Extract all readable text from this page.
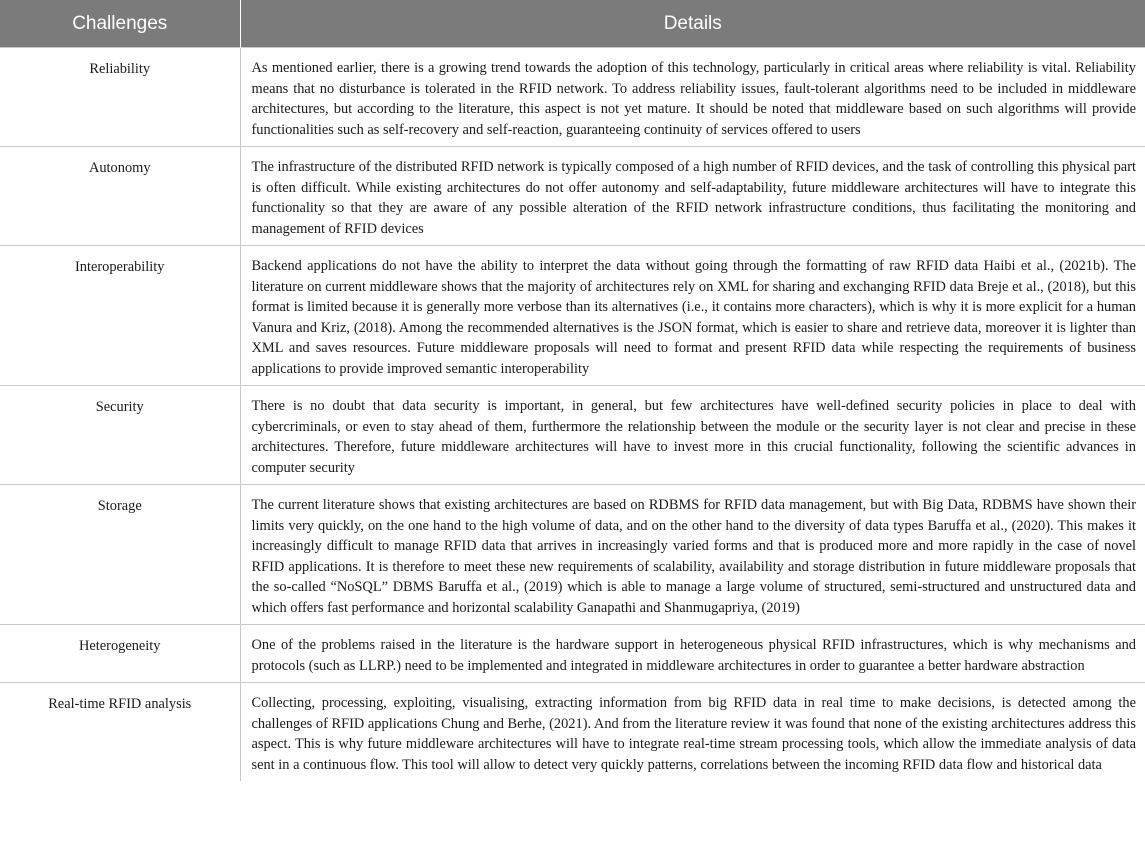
Challenges	Details
Reliability	As mentioned earlier, there is a growing trend towards the adoption of this technology, particularly in critical areas where reliability is vital. Reliability means that no disturbance is tolerated in the RFID network. To address reliability issues, fault-tolerant algorithms need to be included in middleware architectures, but according to the literature, this aspect is not yet mature. It should be noted that middleware based on such algorithms will provide functionalities such as self-recovery and self-reaction, guaranteeing continuity of services offered to users
Autonomy	The infrastructure of the distributed RFID network is typically composed of a high number of RFID devices, and the task of controlling this physical part is often difficult. While existing architectures do not offer autonomy and self-adaptability, future middleware architectures will have to integrate this functionality so that they are aware of any possible alteration of the RFID network infrastructure conditions, thus facilitating the monitoring and management of RFID devices
Interoperability	Backend applications do not have the ability to interpret the data without going through the formatting of raw RFID data Haibi et al., (2021b). The literature on current middleware shows that the majority of architectures rely on XML for sharing and exchanging RFID data Breje et al., (2018), but this format is limited because it is generally more verbose than its alternatives (i.e., it contains more characters), which is why it is more explicit for a human Vanura and Kriz, (2018). Among the recommended alternatives is the JSON format, which is easier to share and retrieve data, moreover it is lighter than XML and saves resources. Future middleware proposals will need to format and present RFID data while respecting the requirements of business applications to provide improved semantic interoperability
Security	There is no doubt that data security is important, in general, but few architectures have well-defined security policies in place to deal with cybercriminals, or even to stay ahead of them, furthermore the relationship between the module or the security layer is not clear and precise in these architectures. Therefore, future middleware architectures will have to invest more in this crucial functionality, following the scientific advances in computer security
Storage	The current literature shows that existing architectures are based on RDBMS for RFID data management, but with Big Data, RDBMS have shown their limits very quickly, on the one hand to the high volume of data, and on the other hand to the diversity of data types Baruffa et al., (2020). This makes it increasingly difficult to manage RFID data that arrives in increasingly varied forms and that is produced more and more rapidly in the case of novel RFID applications. It is therefore to meet these new requirements of scalability, availability and storage distribution in future middleware proposals that the so-called “NoSQL” DBMS Baruffa et al., (2019) which is able to manage a large volume of structured, semi-structured and unstructured data and which offers fast performance and horizontal scalability Ganapathi and Shanmugapriya, (2019)
Heterogeneity	One of the problems raised in the literature is the hardware support in heterogeneous physical RFID infrastructures, which is why mechanisms and protocols (such as LLRP.) need to be implemented and integrated in middleware architectures in order to guarantee a better hardware abstraction
Real-time RFID analysis	Collecting, processing, exploiting, visualising, extracting information from big RFID data in real time to make decisions, is detected among the challenges of RFID applications Chung and Berhe, (2021). And from the literature review it was found that none of the existing architectures address this aspect. This is why future middleware architectures will have to integrate real-time stream processing tools, which allow the immediate analysis of data sent in a continuous flow. This tool will allow to detect very quickly patterns, correlations between the incoming RFID data flow and historical data
